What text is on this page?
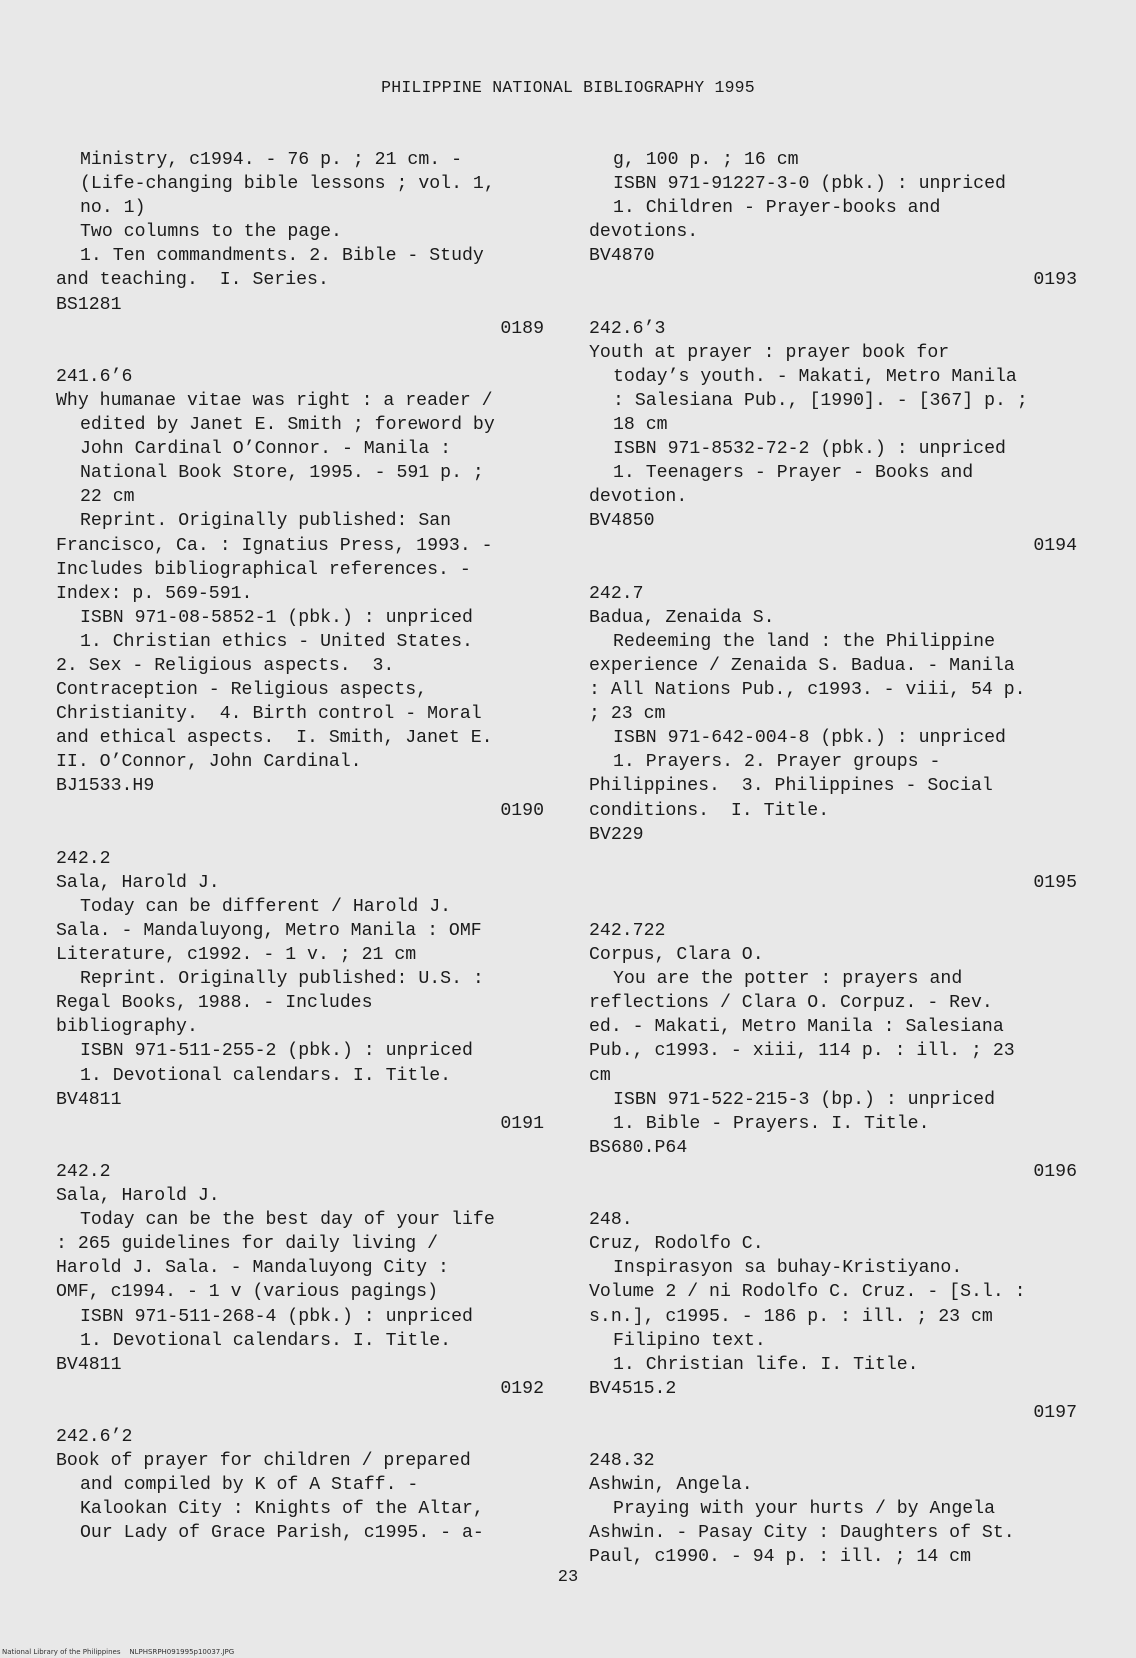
PHILIPPINE NATIONAL BIBLIOGRAPHY 1995

Ministry, c1994. - 76 p. ; 21 cm. -

(Life-changing bible lessons ; vol. 1,

no. 1)

Two columns to the page.

1. Ten commandments. 2. Bible - Study

and teaching.  I. Series.

BS1281

0189

241.6’6

Why humanae vitae was right : a reader /

edited by Janet E. Smith ; foreword by

John Cardinal O’Connor. - Manila :

National Book Store, 1995. - 591 p. ;

22 cm

Reprint. Originally published: San

Francisco, Ca. : Ignatius Press, 1993. -

Includes bibliographical references. -

Index: p. 569-591.

ISBN 971-08-5852-1 (pbk.) : unpriced

1. Christian ethics - United States.

2. Sex - Religious aspects.  3.

Contraception - Religious aspects,

Christianity.  4. Birth control - Moral

and ethical aspects.  I. Smith, Janet E.

II. O’Connor, John Cardinal.

BJ1533.H9

0190

242.2

Sala, Harold J.

Today can be different / Harold J.

Sala. - Mandaluyong, Metro Manila : OMF

Literature, c1992. - 1 v. ; 21 cm

Reprint. Originally published: U.S. :

Regal Books, 1988. - Includes

bibliography.

ISBN 971-511-255-2 (pbk.) : unpriced

1. Devotional calendars. I. Title.

BV4811

0191

242.2

Sala, Harold J.

Today can be the best day of your life

: 265 guidelines for daily living /

Harold J. Sala. - Mandaluyong City :

OMF, c1994. - 1 v (various pagings)

ISBN 971-511-268-4 (pbk.) : unpriced

1. Devotional calendars. I. Title.

BV4811

0192

242.6’2

Book of prayer for children / prepared

and compiled by K of A Staff. -

Kalookan City : Knights of the Altar,

Our Lady of Grace Parish, c1995. - a-

g, 100 p. ; 16 cm

ISBN 971-91227-3-0 (pbk.) : unpriced

1. Children - Prayer-books and

devotions.

BV4870

0193

242.6’3

Youth at prayer : prayer book for

today’s youth. - Makati, Metro Manila

: Salesiana Pub., [1990]. - [367] p. ;

18 cm

ISBN 971-8532-72-2 (pbk.) : unpriced

1. Teenagers - Prayer - Books and

devotion.

BV4850

0194

242.7

Badua, Zenaida S.

Redeeming the land : the Philippine

experience / Zenaida S. Badua. - Manila

: All Nations Pub., c1993. - viii, 54 p.

; 23 cm

ISBN 971-642-004-8 (pbk.) : unpriced

1. Prayers. 2. Prayer groups -

Philippines.  3. Philippines - Social

conditions.  I. Title.

BV229

0195

242.722

Corpus, Clara O.

You are the potter : prayers and

reflections / Clara O. Corpuz. - Rev.

ed. - Makati, Metro Manila : Salesiana

Pub., c1993. - xiii, 114 p. : ill. ; 23

cm

ISBN 971-522-215-3 (bp.) : unpriced

1. Bible - Prayers. I. Title.

BS680.P64

0196

248.

Cruz, Rodolfo C.

Inspirasyon sa buhay-Kristiyano.

Volume 2 / ni Rodolfo C. Cruz. - [S.l. :

s.n.], c1995. - 186 p. : ill. ; 23 cm

Filipino text.

1. Christian life. I. Title.

BV4515.2

0197

248.32

Ashwin, Angela.

Praying with your hurts / by Angela

Ashwin. - Pasay City : Daughters of St.

Paul, c1990. - 94 p. : ill. ; 14 cm

23
National Library of the Philippines    NLPHSRPH091995p10037.JPG
